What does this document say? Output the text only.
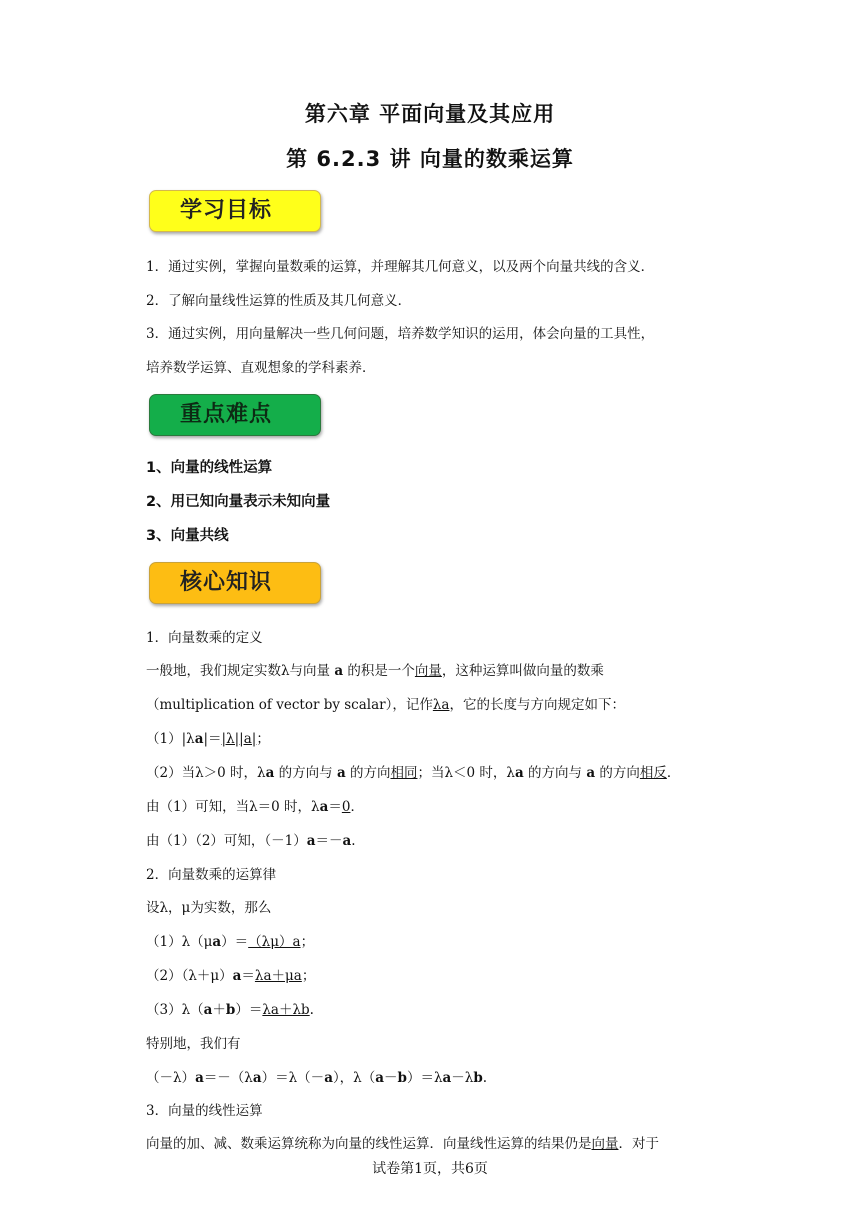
第六章 平面向量及其应用
第 6.2.3 讲 向量的数乘运算
学习目标
1．通过实例，掌握向量数乘的运算，并理解其几何意义，以及两个向量共线的含义．
2．了解向量线性运算的性质及其几何意义．
3．通过实例，用向量解决一些几何问题，培养数学知识的运用，体会向量的工具性，
培养数学运算、直观想象的学科素养．
重点难点
1、向量的线性运算
2、用已知向量表示未知向量
3、向量共线
核心知识
1．向量数乘的定义
一般地，我们规定实数λ与向量 a 的积是一个向量，这种运算叫做向量的数乘
（multiplication of vector by scalar），记作λa，它的长度与方向规定如下：
（1）|λa|＝|λ||a|；
（2）当λ＞0 时，λa 的方向与 a 的方向相同；当λ＜0 时，λa 的方向与 a 的方向相反．
由（1）可知，当λ＝0 时，λa＝0．
由（1）（2）可知，（－1）a＝－a.
2．向量数乘的运算律
设λ，μ为实数，那么
（1）λ（μa）＝（λμ）a；
（2）（λ＋μ）a＝λa＋μa；
（3）λ（a＋b）＝λa＋λb.
特别地，我们有
（－λ）a＝－（λa）＝λ（－a），λ（a－b）＝λa－λb.
3．向量的线性运算
向量的加、减、数乘运算统称为向量的线性运算．向量线性运算的结果仍是向量．对于
试卷第1页，共6页
